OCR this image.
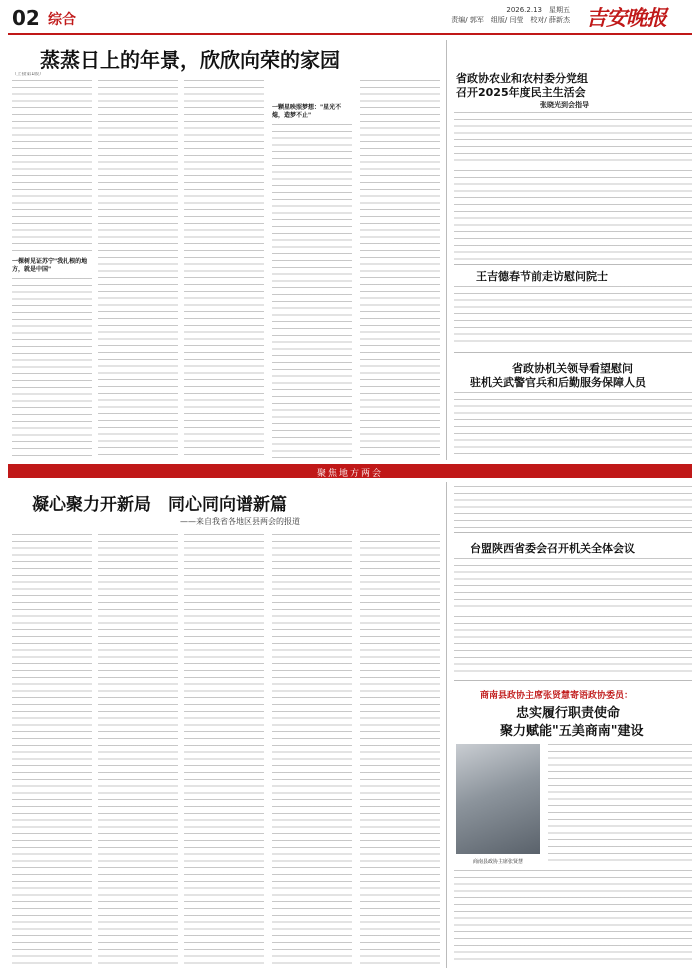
02 综合
2026.2.13　星期五
责编/ 郭军　组版/ 闫莹　校对/ 薛新杰 吉安晚报
蒸蒸日上的年景，欣欣向荣的家园
（上接第1版）
一棵树见证苏宁"我扎根的地方，就是中国"
一颗星映照梦想："星光不熄，造梦不止"
省政协农业和农村委分党组
召开2025年度民主生活会
张晓光到会指导
王吉德春节前走访慰问院士
省政协机关领导看望慰问
驻机关武警官兵和后勤服务保障人员
台盟陕西省委会召开机关全体会议
商南县政协主席张贤慧寄语政协委员：
忠实履行职责使命
聚力赋能"五美商南"建设
商南县政协主席张贤慧
聚焦地方两会
凝心聚力开新局　同心同向谱新篇
——来自我省各地区县两会的报道
